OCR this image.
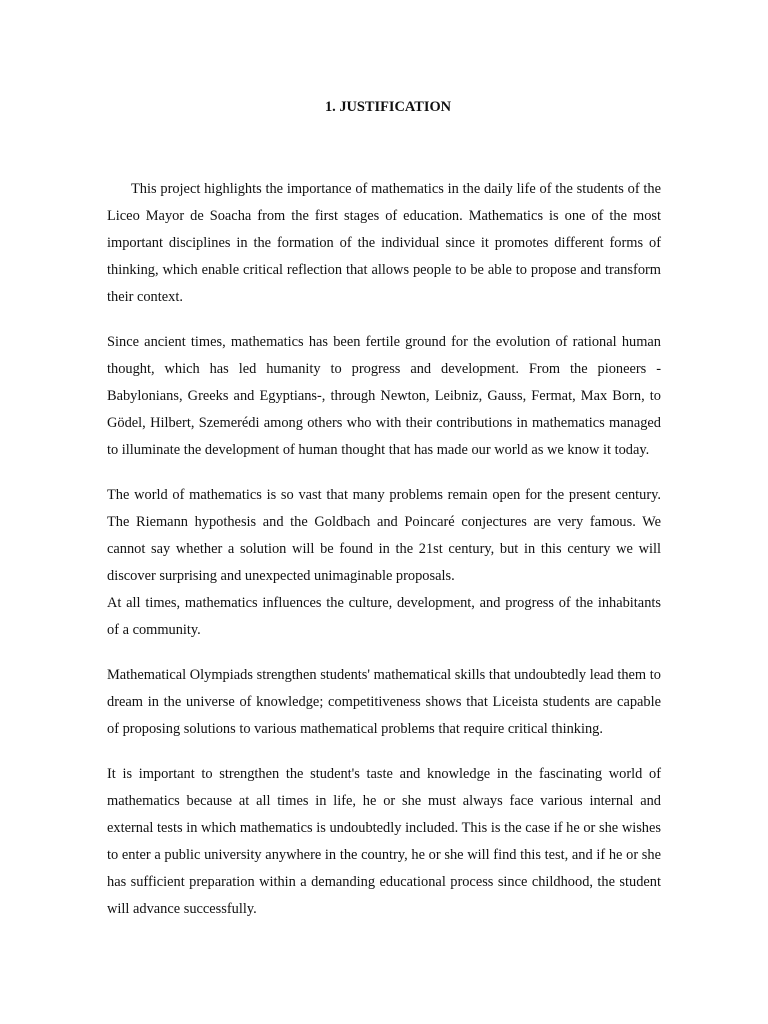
1. JUSTIFICATION

This project highlights the importance of mathematics in the daily life of the students of the Liceo Mayor de Soacha from the first stages of education. Mathematics is one of the most important disciplines in the formation of the individual since it promotes different forms of thinking, which enable critical reflection that allows people to be able to propose and transform their context.

Since ancient times, mathematics has been fertile ground for the evolution of rational human thought, which has led humanity to progress and development. From the pioneers - Babylonians, Greeks and Egyptians-, through Newton, Leibniz, Gauss, Fermat, Max Born, to Gödel, Hilbert, Szemerédi among others who with their contributions in mathematics managed to illuminate the development of human thought that has made our world as we know it today.

The world of mathematics is so vast that many problems remain open for the present century. The Riemann hypothesis and the Goldbach and Poincaré conjectures are very famous. We cannot say whether a solution will be found in the 21st century, but in this century we will discover surprising and unexpected unimaginable proposals.

At all times, mathematics influences the culture, development, and progress of the inhabitants of a community.

Mathematical Olympiads strengthen students' mathematical skills that undoubtedly lead them to dream in the universe of knowledge; competitiveness shows that Liceista students are capable of proposing solutions to various mathematical problems that require critical thinking.

It is important to strengthen the student's taste and knowledge in the fascinating world of mathematics because at all times in life, he or she must always face various internal and external tests in which mathematics is undoubtedly included. This is the case if he or she wishes to enter a public university anywhere in the country, he or she will find this test, and if he or she has sufficient preparation within a demanding educational process since childhood, the student will advance successfully.
